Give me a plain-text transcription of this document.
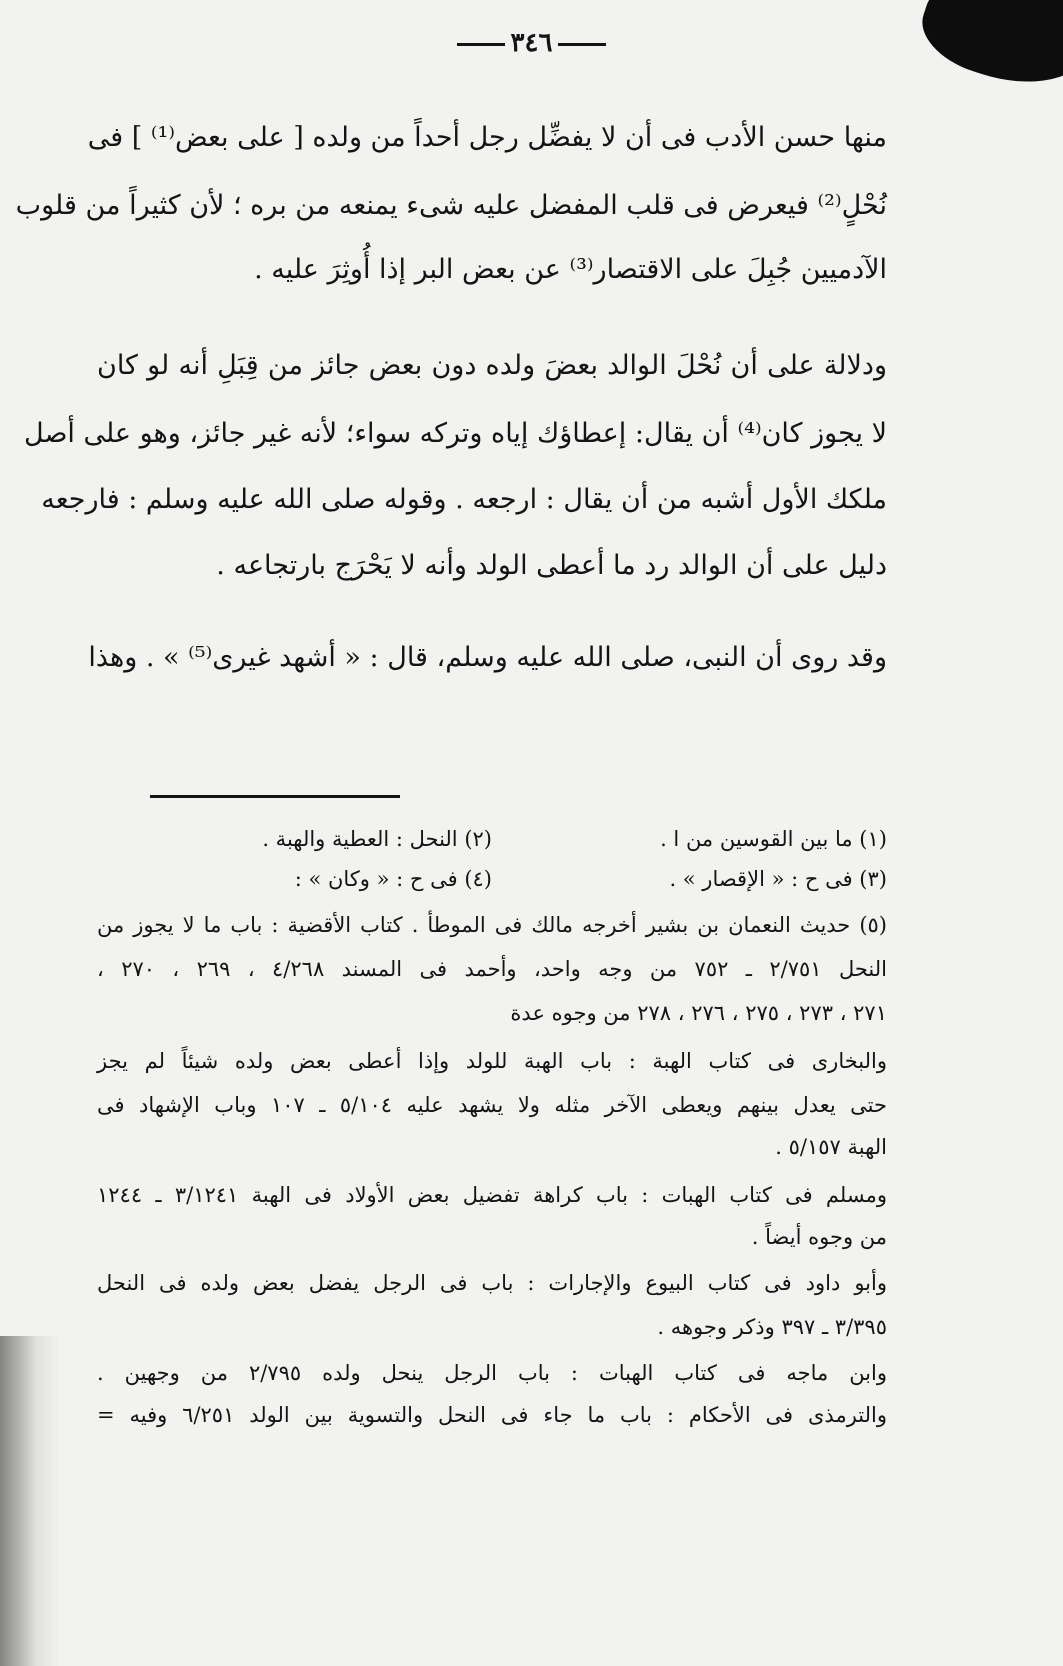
٣٤٦
منها حسن الأدب فى أن لا يفضِّل رجل أحداً من ولده [ على بعض⁽¹⁾ ] فى
نُحْلٍ⁽²⁾ فيعرض فى قلب المفضل عليه شىء يمنعه من بره ؛ لأن كثيراً من قلوب
الآدميين جُبِلَ على الاقتصار⁽³⁾ عن بعض البر إذا أُوثِرَ عليه .
ودلالة على أن نُحْلَ الوالد بعضَ ولده دون بعض جائز من قِبَلِ أنه لو كان
لا يجوز كان⁽⁴⁾ أن يقال: إعطاؤك إياه وتركه سواء؛ لأنه غير جائز، وهو على أصل
ملكك الأول أشبه من أن يقال : ارجعه . وقوله صلى الله عليه وسلم : فارجعه
دليل على أن الوالد رد ما أعطى الولد وأنه لا يَحْرَج بارتجاعه .
وقد روى أن النبى، صلى الله عليه وسلم، قال : « أشهد غيرى⁽⁵⁾ » . وهذا
(١) ما بين القوسين من ا .(٢) النحل : العطية والهبة .
(٣) فى ح : « الإقصار » .(٤) فى ح : « وكان » :
(٥) حديث النعمان بن بشير أخرجه مالك فى الموطأ . كتاب الأقضية : باب ما لا يجوز من
النحل ٢/٧٥١ ـ ٧٥٢ من وجه واحد، وأحمد فى المسند ٤/٢٦٨ ، ٢٦٩ ، ٢٧٠ ،
٢٧١ ، ٢٧٣ ، ٢٧٥ ، ٢٧٦ ، ٢٧٨ من وجوه عدة
والبخارى فى كتاب الهبة : باب الهبة للولد وإذا أعطى بعض ولده شيئاً لم يجز
حتى يعدل بينهم ويعطى الآخر مثله ولا يشهد عليه ٥/١٠٤ ـ ١٠٧ وباب الإشهاد فى
الهبة ٥/١٥٧ .
ومسلم فى كتاب الهبات : باب كراهة تفضيل بعض الأولاد فى الهبة ٣/١٢٤١ ـ ١٢٤٤
من وجوه أيضاً .
وأبو داود فى كتاب البيوع والإجارات : باب فى الرجل يفضل بعض ولده فى النحل
٣/٣٩٥ ـ ٣٩٧ وذكر وجوهه .
وابن ماجه فى كتاب الهبات : باب الرجل ينحل ولده ٢/٧٩٥ من وجهين .
والترمذى فى الأحكام : باب ما جاء فى النحل والتسوية بين الولد ٦/٢٥١ وفيه =
